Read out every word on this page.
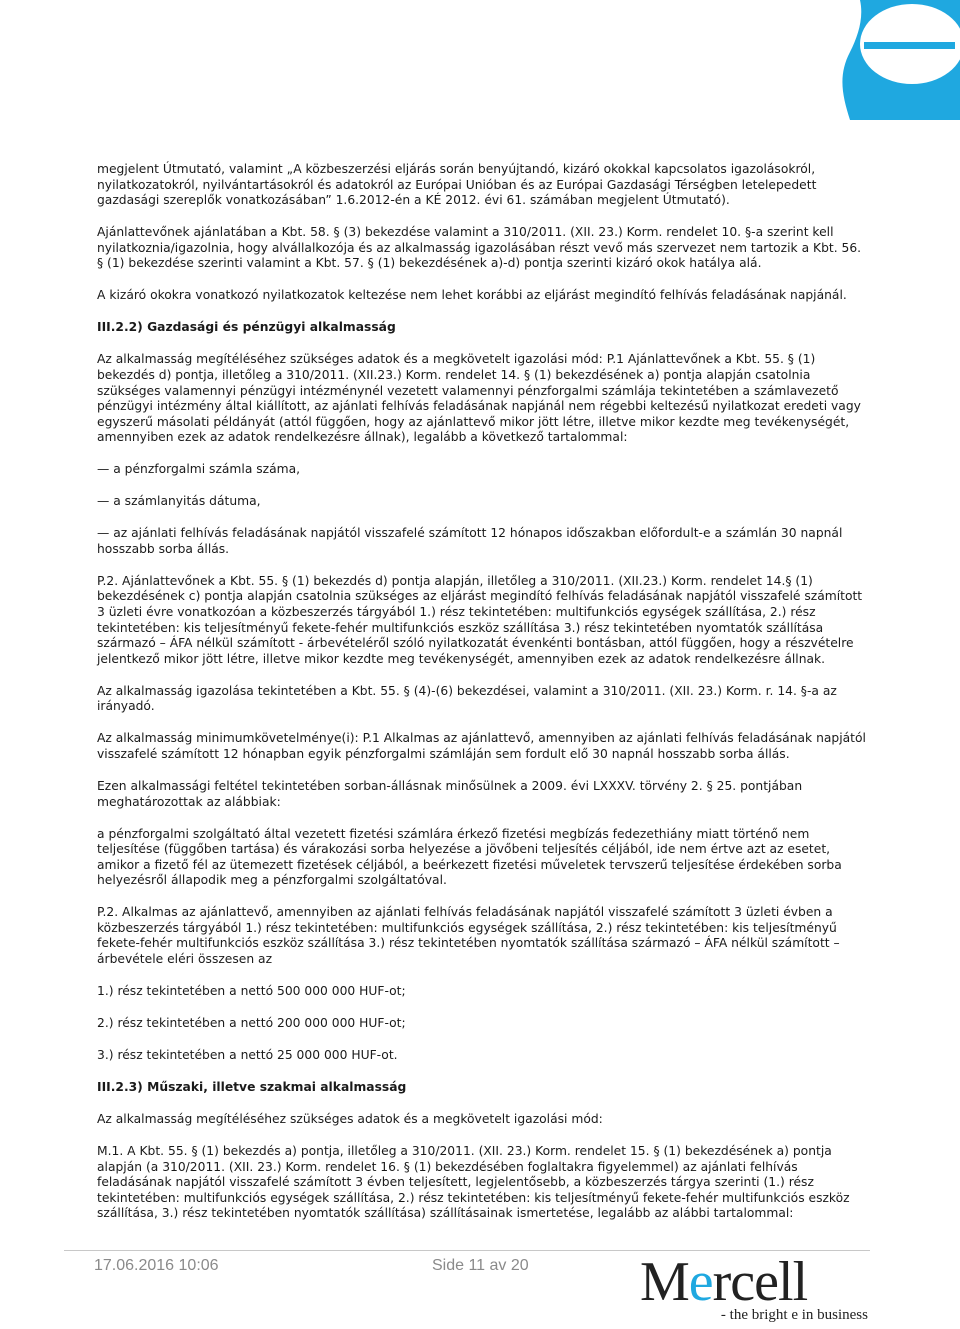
megjelent Útmutató, valamint „A közbeszerzési eljárás során benyújtandó, kizáró okokkal kapcsolatos igazolásokról, nyilatkozatokról, nyilvántartásokról és adatokról az Európai Unióban és az Európai Gazdasági Térségben letelepedett gazdasági szereplők vonatkozásában” 1.6.2012-én a KÉ 2012. évi 61. számában megjelent Útmutató).

Ajánlattevőnek ajánlatában a Kbt. 58. § (3) bekezdése valamint a 310/2011. (XII. 23.) Korm. rendelet 10. §-a szerint kell nyilatkoznia/igazolnia, hogy alvállalkozója és az alkalmasság igazolásában részt vevő más szervezet nem tartozik a Kbt. 56. § (1) bekezdése szerinti valamint a Kbt. 57. § (1) bekezdésének a)-d) pontja szerinti kizáró okok hatálya alá.

A kizáró okokra vonatkozó nyilatkozatok keltezése nem lehet korábbi az eljárást megindító felhívás feladásának napjánál.

III.2.2) Gazdasági és pénzügyi alkalmasság

Az alkalmasság megítéléséhez szükséges adatok és a megkövetelt igazolási mód: P.1 Ajánlattevőnek a Kbt. 55. § (1) bekezdés d) pontja, illetőleg a 310/2011. (XII.23.) Korm. rendelet 14. § (1) bekezdésének a) pontja alapján csatolnia szükséges valamennyi pénzügyi intézménynél vezetett valamennyi pénzforgalmi számlája tekintetében a számlavezető pénzügyi intézmény által kiállított, az ajánlati felhívás feladásának napjánál nem régebbi keltezésű nyilatkozat eredeti vagy egyszerű másolati példányát (attól függően, hogy az ajánlattevő mikor jött létre, illetve mikor kezdte meg tevékenységét, amennyiben ezek az adatok rendelkezésre állnak), legalább a következő tartalommal:

— a pénzforgalmi számla száma,

— a számlanyitás dátuma,

— az ajánlati felhívás feladásának napjától visszafelé számított 12 hónapos időszakban előfordult-e a számlán 30 napnál hosszabb sorba állás.

P.2. Ajánlattevőnek a Kbt. 55. § (1) bekezdés d) pontja alapján, illetőleg a 310/2011. (XII.23.) Korm. rendelet 14.§ (1) bekezdésének c) pontja alapján csatolnia szükséges az eljárást megindító felhívás feladásának napjától visszafelé számított 3 üzleti évre vonatkozóan a közbeszerzés tárgyából 1.) rész tekintetében: multifunkciós egységek szállítása, 2.) rész tekintetében: kis teljesítményű fekete-fehér multifunkciós eszköz szállítása 3.) rész tekintetében nyomtatók szállítása származó – ÁFA nélkül számított - árbevételéről szóló nyilatkozatát évenkénti bontásban, attól függően, hogy a részvételre jelentkező mikor jött létre, illetve mikor kezdte meg tevékenységét, amennyiben ezek az adatok rendelkezésre állnak.

Az alkalmasság igazolása tekintetében a Kbt. 55. § (4)-(6) bekezdései, valamint a 310/2011. (XII. 23.) Korm. r. 14. §-a az irányadó.

Az alkalmasság minimumkövetelménye(i): P.1 Alkalmas az ajánlattevő, amennyiben az ajánlati felhívás feladásának napjától visszafelé számított 12 hónapban egyik pénzforgalmi számláján sem fordult elő 30 napnál hosszabb sorba állás.

Ezen alkalmassági feltétel tekintetében sorban-állásnak minősülnek a 2009. évi LXXXV. törvény 2. § 25. pontjában meghatározottak az alábbiak:

a pénzforgalmi szolgáltató által vezetett fizetési számlára érkező fizetési megbízás fedezethiány miatt történő nem teljesítése (függőben tartása) és várakozási sorba helyezése a jövőbeni teljesítés céljából, ide nem értve azt az esetet, amikor a fizető fél az ütemezett fizetések céljából, a beérkezett fizetési műveletek tervszerű teljesítése érdekében sorba helyezésről állapodik meg a pénzforgalmi szolgáltatóval.

P.2. Alkalmas az ajánlattevő, amennyiben az ajánlati felhívás feladásának napjától visszafelé számított 3 üzleti évben a közbeszerzés tárgyából 1.) rész tekintetében: multifunkciós egységek szállítása, 2.) rész tekintetében: kis teljesítményű fekete-fehér multifunkciós eszköz szállítása 3.) rész tekintetében nyomtatók szállítása származó – ÁFA nélkül számított – árbevétele eléri összesen az

1.) rész tekintetében a nettó 500 000 000 HUF-ot;

2.) rész tekintetében a nettó 200 000 000 HUF-ot;

3.) rész tekintetében a nettó 25 000 000 HUF-ot.

III.2.3) Műszaki, illetve szakmai alkalmasság

Az alkalmasság megítéléséhez szükséges adatok és a megkövetelt igazolási mód:

M.1. A Kbt. 55. § (1) bekezdés a) pontja, illetőleg a 310/2011. (XII. 23.) Korm. rendelet 15. § (1) bekezdésének a) pontja alapján (a 310/2011. (XII. 23.) Korm. rendelet 16. § (1) bekezdésében foglaltakra figyelemmel) az ajánlati felhívás feladásának napjától visszafelé számított 3 évben teljesített, legjelentősebb, a közbeszerzés tárgya szerinti (1.) rész tekintetében: multifunkciós egységek szállítása, 2.) rész tekintetében: kis teljesítményű fekete-fehér multifunkciós eszköz szállítása, 3.) rész tekintetében nyomtatók szállítása) szállításainak ismertetése, legalább az alábbi tartalommal:

17.06.2016 10:06	Side 11 av 20 Mercell
- the bright e in business
